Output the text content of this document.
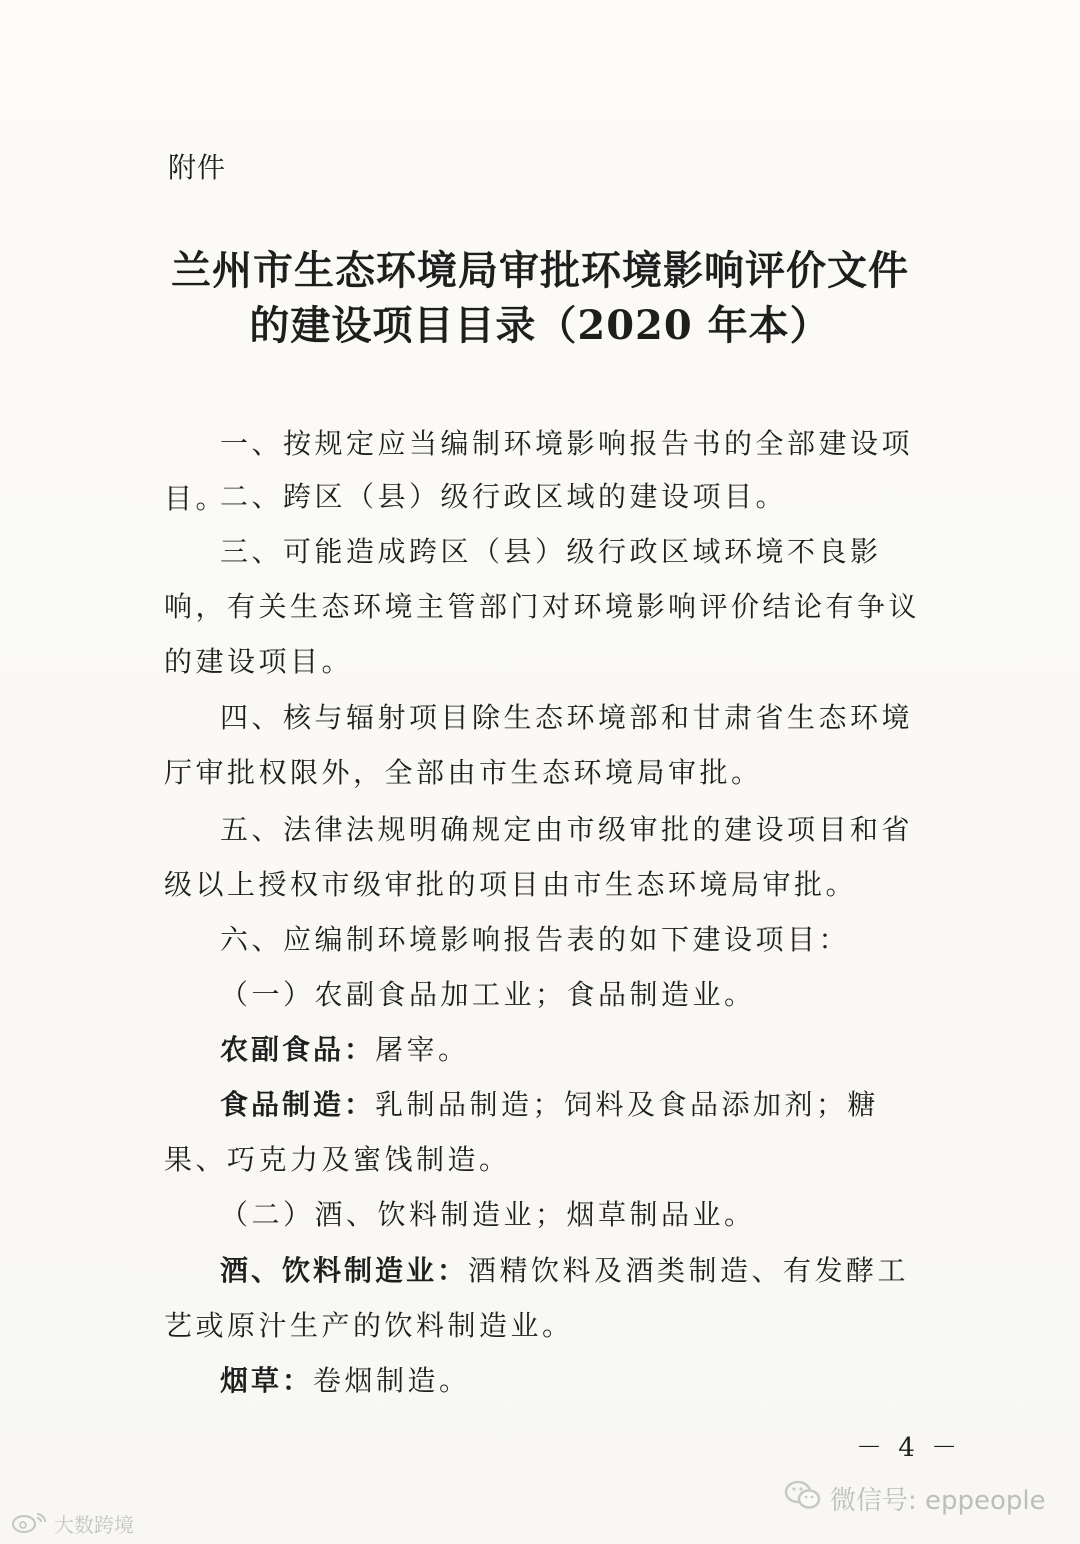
附件
兰州市生态环境局审批环境影响评价文件
的建设项目目录（2020 年本）
一、按规定应当编制环境影响报告书的全部建设项目。
二、跨区（县）级行政区域的建设项目。
三、可能造成跨区（县）级行政区域环境不良影响，有关生态环境主管部门对环境影响评价结论有争议的建设项目。
四、核与辐射项目除生态环境部和甘肃省生态环境厅审批权限外，全部由市生态环境局审批。
五、法律法规明确规定由市级审批的建设项目和省级以上授权市级审批的项目由市生态环境局审批。
六、应编制环境影响报告表的如下建设项目：
（一）农副食品加工业；食品制造业。
农副食品：屠宰。
食品制造：乳制品制造；饲料及食品添加剂；糖果、巧克力及蜜饯制造。
（二）酒、饮料制造业；烟草制品业。
酒、饮料制造业：酒精饮料及酒类制造、有发酵工艺或原汁生产的饮料制造业。
烟草：卷烟制造。
－ 4 －
微信号: eppeople
大数跨境
